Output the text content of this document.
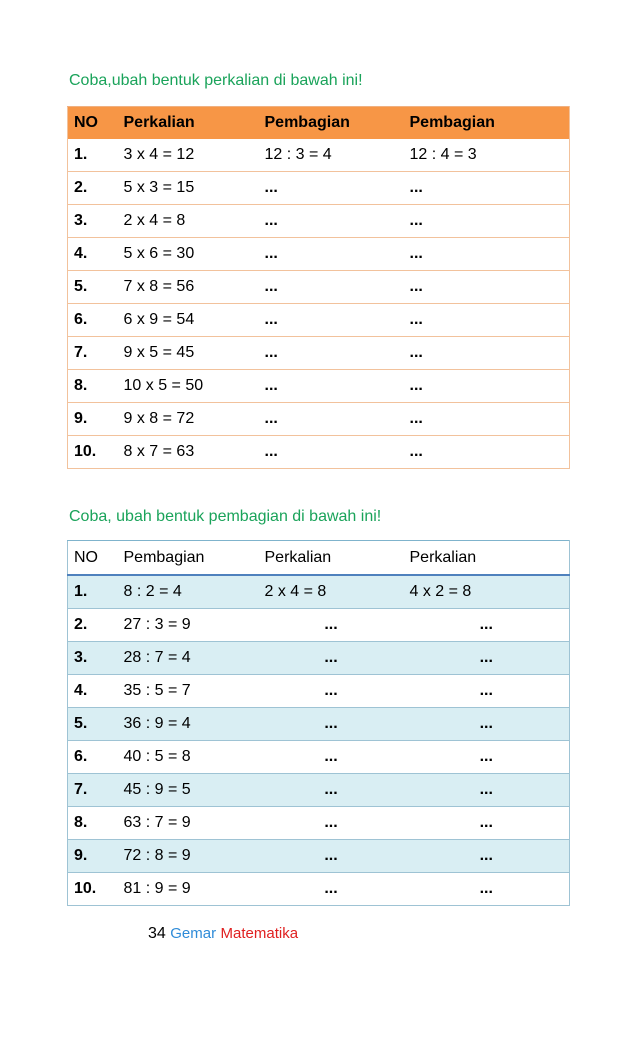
Coba,ubah bentuk perkalian di bawah ini!
NO	Perkalian	Pembagian	Pembagian
1.	3 x 4 = 12	12 : 3 = 4	12 : 4 = 3
2.	5 x 3 = 15	...	...
3.	2 x 4 = 8	...	...
4.	5 x 6 = 30	...	...
5.	7 x 8 = 56	...	...
6.	6 x 9 = 54	...	...
7.	9 x 5 = 45	...	...
8.	10 x 5 = 50	...	...
9.	9 x 8 = 72	...	...
10.	8 x 7 = 63	...	...
Coba, ubah bentuk pembagian di bawah ini!
NO	Pembagian	Perkalian	Perkalian
1.	8 : 2 = 4	2 x 4 = 8	4 x 2 = 8
2.	27 : 3 = 9	...	...
3.	28 : 7 = 4	...	...
4.	35 : 5 = 7	...	...
5.	36 : 9 = 4	...	...
6.	40 : 5 = 8	...	...
7.	45 : 9 = 5	...	...
8.	63 : 7 = 9	...	...
9.	72 : 8 = 9	...	...
10.	81 : 9 = 9	...	...
34 Gemar Matematika
